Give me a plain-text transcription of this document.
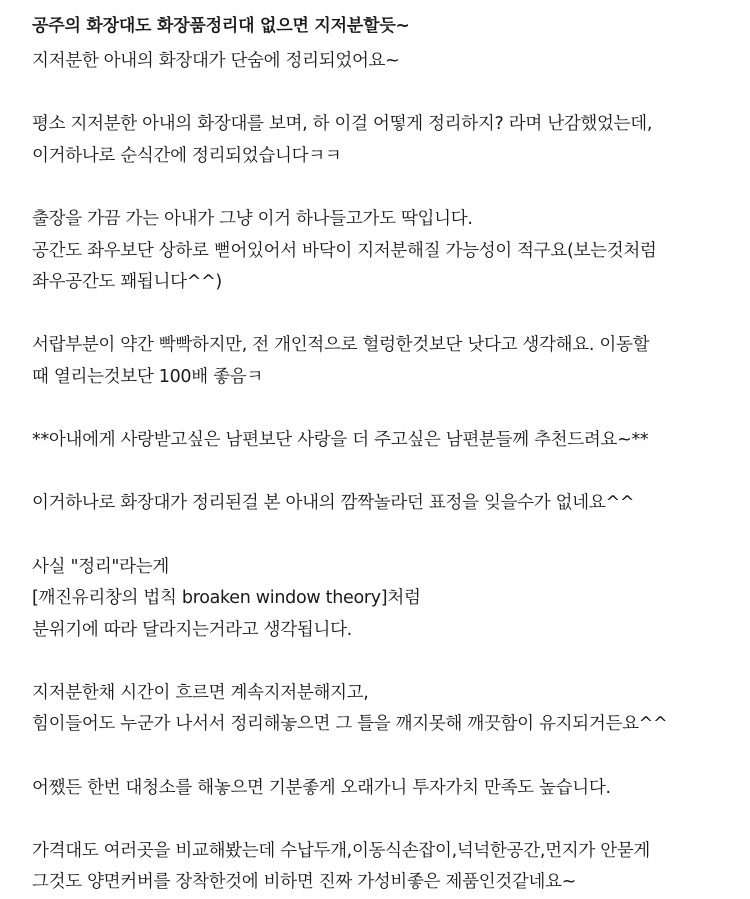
공주의 화장대도 화장품정리대 없으면 지저분할듯~
지저분한 아내의 화장대가 단숨에 정리되었어요~
평소 지저분한 아내의 화장대를 보며, 하 이걸 어떻게 정리하지? 라며 난감했었는데,
이거하나로 순식간에 정리되었습니다ㅋㅋ
출장을 가끔 가는 아내가 그냥 이거 하나들고가도 딱입니다.
공간도 좌우보단 상하로 뻗어있어서 바닥이 지저분해질 가능성이 적구요(보는것처럼
좌우공간도 꽤됩니다^^)
서랍부분이 약간 빡빡하지만, 전 개인적으로 헐렁한것보단 낫다고 생각해요. 이동할
때 열리는것보단 100배 좋음ㅋ
**아내에게 사랑받고싶은 남편보단 사랑을 더 주고싶은 남편분들께 추천드려요~**
이거하나로 화장대가 정리된걸 본 아내의 깜짝놀라던 표정을 잊을수가 없네요^^
사실 "정리"라는게
[깨진유리창의 법칙 broaken window theory]처럼
분위기에 따라 달라지는거라고 생각됩니다.
지저분한채 시간이 흐르면 계속지저분해지고,
힘이들어도 누군가 나서서 정리해놓으면 그 틀을 깨지못해 깨끗함이 유지되거든요^^
어쨌든 한번 대청소를 해놓으면 기분좋게 오래가니 투자가치 만족도 높습니다.
가격대도 여러곳을 비교해봤는데 수납두개,이동식손잡이,넉넉한공간,먼지가 안묻게
그것도 양면커버를 장착한것에 비하면 진짜 가성비좋은 제품인것같네요~
